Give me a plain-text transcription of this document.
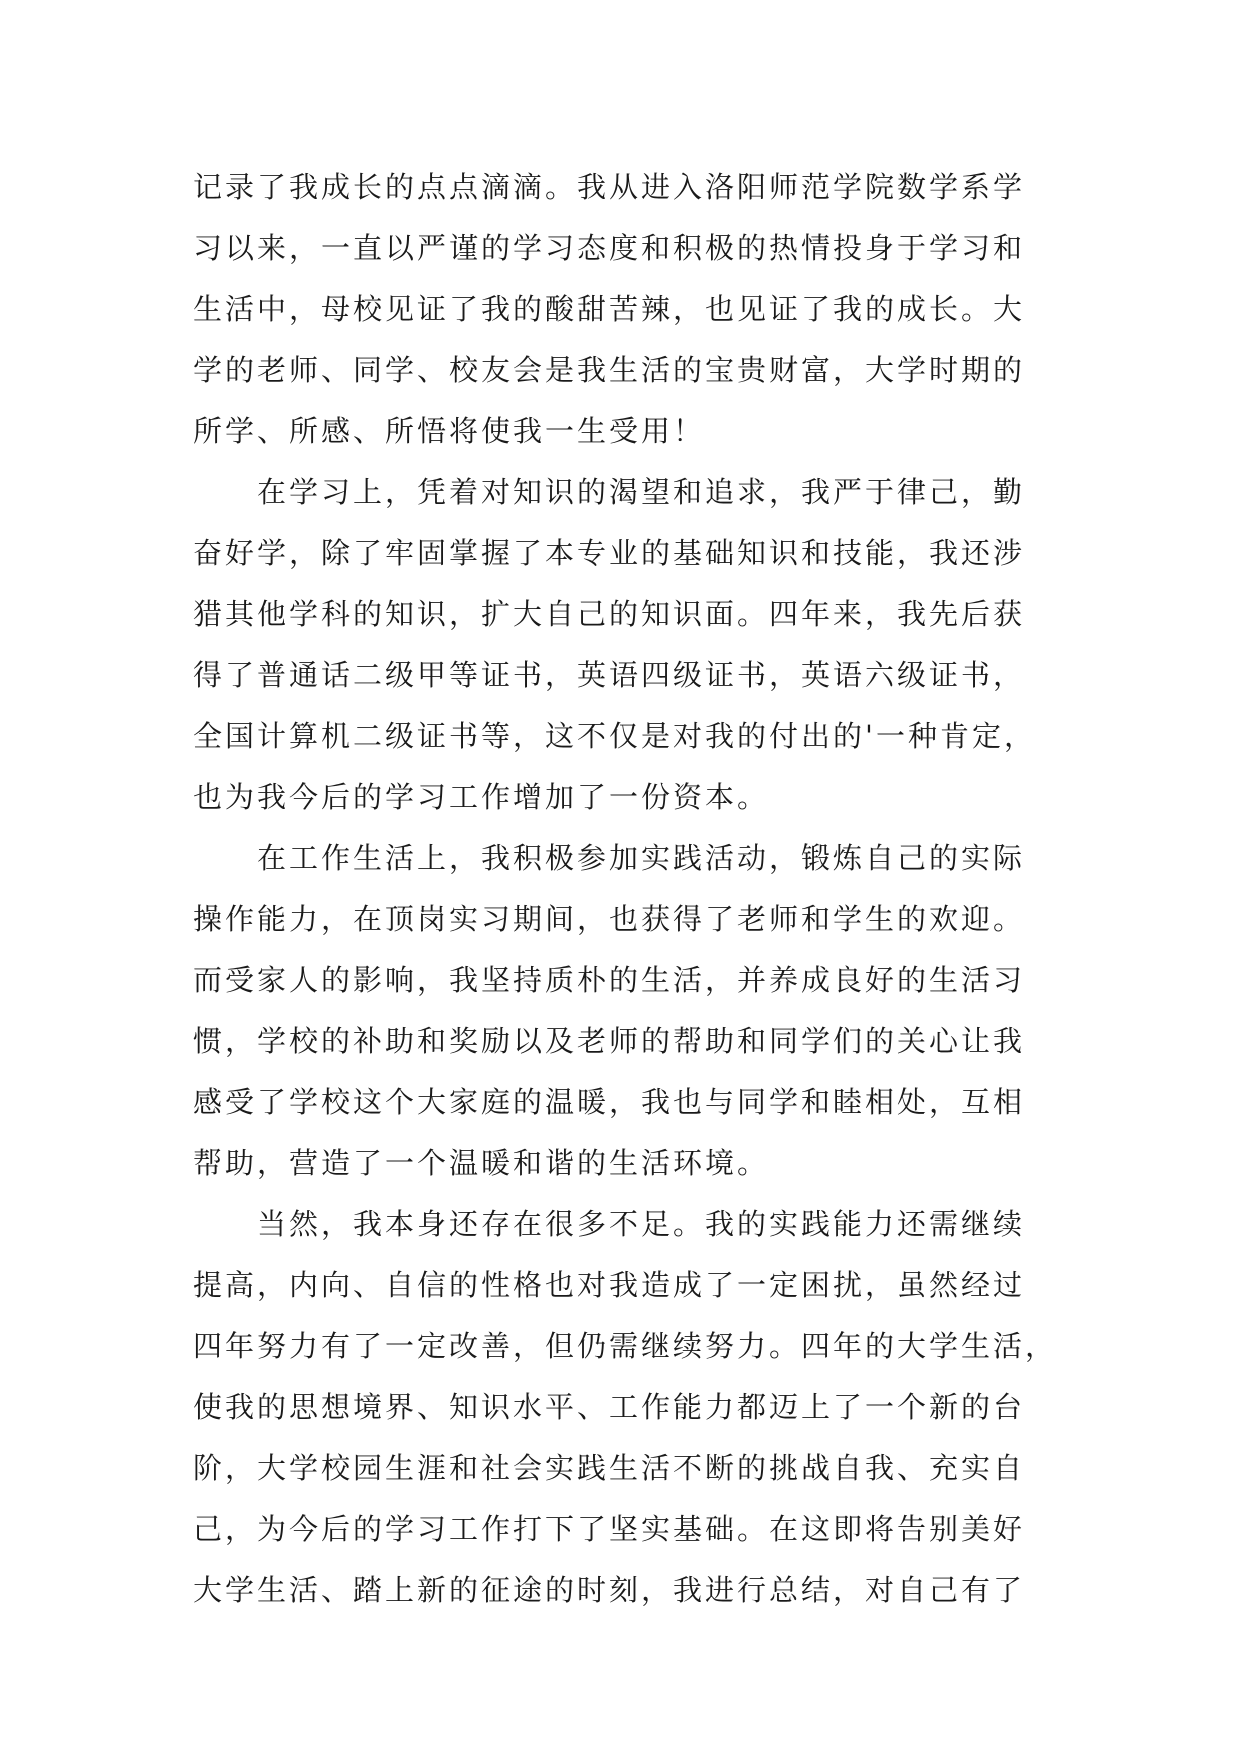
记录了我成长的点点滴滴。我从进入洛阳师范学院数学系学
习以来，一直以严谨的学习态度和积极的热情投身于学习和
生活中，母校见证了我的酸甜苦辣，也见证了我的成长。大
学的老师、同学、校友会是我生活的宝贵财富，大学时期的
所学、所感、所悟将使我一生受用！
在学习上，凭着对知识的渴望和追求，我严于律己，勤
奋好学，除了牢固掌握了本专业的基础知识和技能，我还涉
猎其他学科的知识，扩大自己的知识面。四年来，我先后获
得了普通话二级甲等证书，英语四级证书，英语六级证书，
全国计算机二级证书等，这不仅是对我的付出的'一种肯定，
也为我今后的学习工作增加了一份资本。
在工作生活上，我积极参加实践活动，锻炼自己的实际
操作能力，在顶岗实习期间，也获得了老师和学生的欢迎。
而受家人的影响，我坚持质朴的生活，并养成良好的生活习
惯，学校的补助和奖励以及老师的帮助和同学们的关心让我
感受了学校这个大家庭的温暖，我也与同学和睦相处，互相
帮助，营造了一个温暖和谐的生活环境。
当然，我本身还存在很多不足。我的实践能力还需继续
提高，内向、自信的性格也对我造成了一定困扰，虽然经过
四年努力有了一定改善，但仍需继续努力。四年的大学生活，
使我的思想境界、知识水平、工作能力都迈上了一个新的台
阶，大学校园生涯和社会实践生活不断的挑战自我、充实自
己，为今后的学习工作打下了坚实基础。在这即将告别美好
大学生活、踏上新的征途的时刻，我进行总结，对自己有了
